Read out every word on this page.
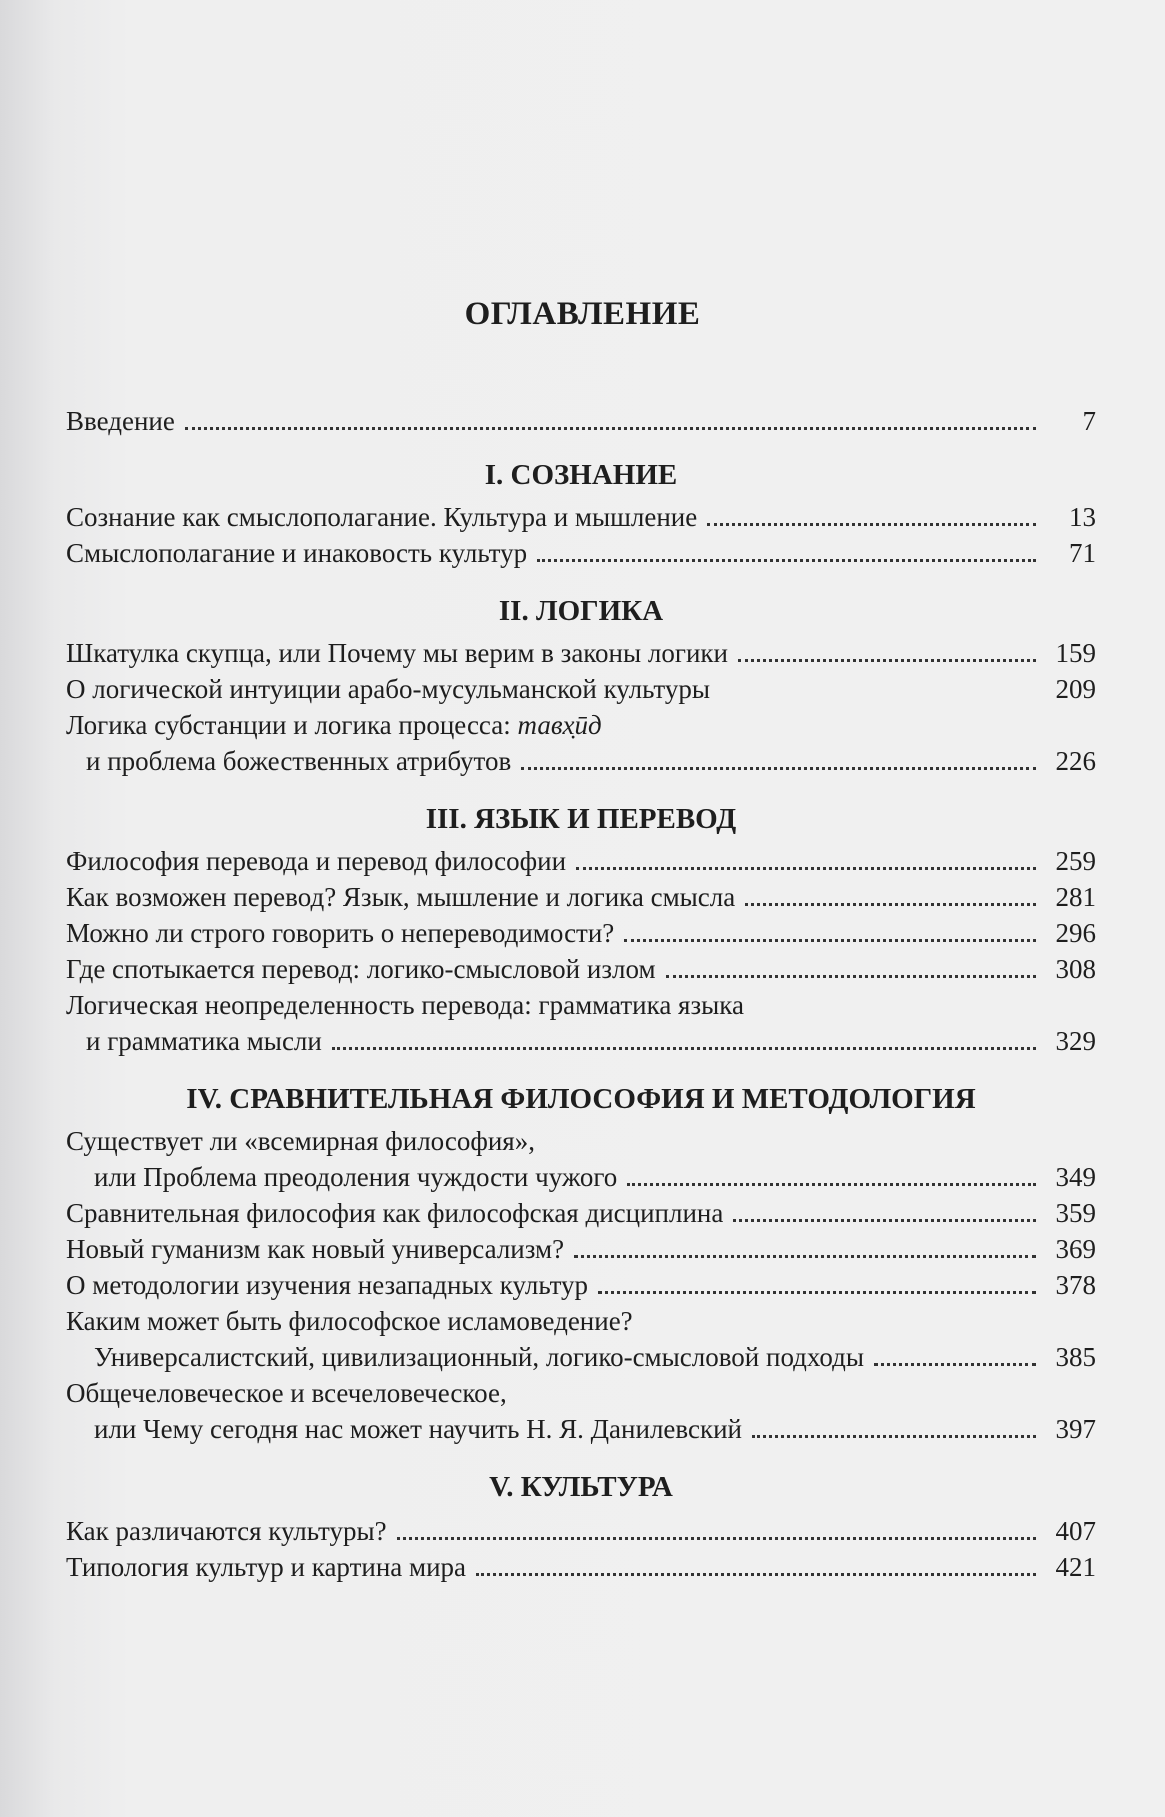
ОГЛАВЛЕНИЕ
Введение	7
I. СОЗНАНИЕ
Сознание как смыслополагание. Культура и мышление	13
Смыслополагание и инаковость культур	71
II. ЛОГИКА
Шкатулка скупца, или Почему мы верим в законы логики	159
О логической интуиции арабо-мусульманской культуры	209
Логика субстанции и логика процесса: тавх̣ӣд
и проблема божественных атрибутов	226
III. ЯЗЫК И ПЕРЕВОД
Философия перевода и перевод философии	259
Как возможен перевод? Язык, мышление и логика смысла	281
Можно ли строго говорить о непереводимости?	296
Где спотыкается перевод: логико-смысловой излом	308
Логическая неопределенность перевода: грамматика языка
и грамматика мысли	329
IV. СРАВНИТЕЛЬНАЯ ФИЛОСОФИЯ И МЕТОДОЛОГИЯ
Существует ли «всемирная философия»,
или Проблема преодоления чуждости чужого	349
Сравнительная философия как философская дисциплина	359
Новый гуманизм как новый универсализм?	369
О методологии изучения незападных культур	378
Каким может быть философское исламоведение?
Универсалистский, цивилизационный, логико-смысловой подходы	385
Общечеловеческое и всечеловеческое,
или Чему сегодня нас может научить Н. Я. Данилевский	397
V. КУЛЬТУРА
Как различаются культуры?	407
Типология культур и картина мира	421
